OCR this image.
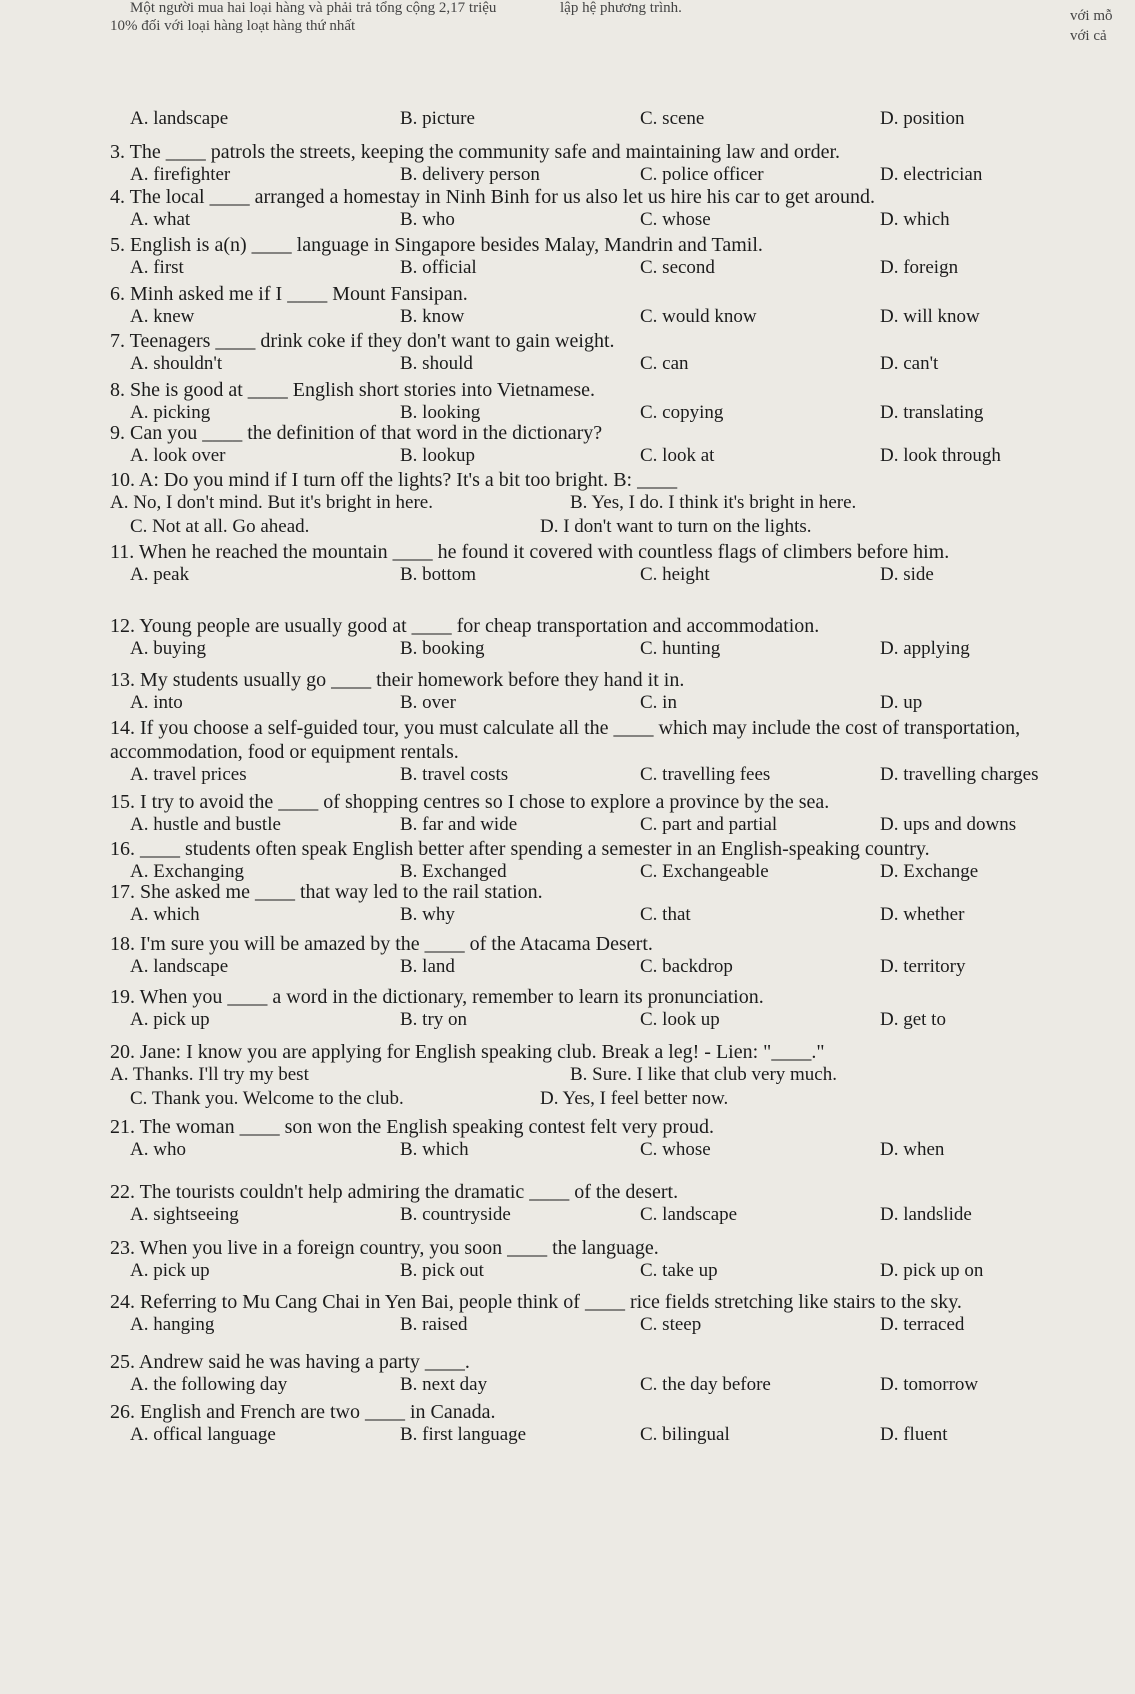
Một người mua hai loại hàng và phải trả tổng cộng 2,17 triệu
10% đối với loại hàng loạt hàng thứ nhất
lập hệ phương trình.	với mỗ
với cả
A. landscape	B. picture	C. scene	D. position
3. The ____ patrols the streets, keeping the community safe and maintaining law and order.
A. firefighter	B. delivery person	C. police officer	D. electrician
4. The local ____ arranged a homestay in Ninh Binh for us also let us hire his car to get around.
A. what	B. who	C. whose	D. which
5. English is a(n) ____ language in Singapore besides Malay, Mandrin and Tamil.
A. first	B. official	C. second	D. foreign
6. Minh asked me if I ____ Mount Fansipan.
A. knew	B. know	C. would know	D. will know
7. Teenagers ____ drink coke if they don't want to gain weight.
A. shouldn't	B. should	C. can	D. can't
8. She is good at ____ English short stories into Vietnamese.
A. picking	B. looking	C. copying	D. translating
9. Can you ____ the definition of that word in the dictionary?
A. look over	B. lookup	C. look at	D. look through
10. A: Do you mind if I turn off the lights? It's a bit too bright. B: ____
A. No, I don't mind. But it's bright in here.	B. Yes, I do. I think it's bright in here.
C. Not at all. Go ahead.	D. I don't want to turn on the lights.
11. When he reached the mountain ____ he found it covered with countless flags of climbers before him.
A. peak	B. bottom	C. height	D. side
12. Young people are usually good at ____ for cheap transportation and accommodation.
A. buying	B. booking	C. hunting	D. applying
13. My students usually go ____ their homework before they hand it in.
A. into	B. over	C. in	D. up
14. If you choose a self-guided tour, you must calculate all the ____ which may include the cost of transportation, accommodation, food or equipment rentals.
A. travel prices	B. travel costs	C. travelling fees	D. travelling charges
15. I try to avoid the ____ of shopping centres so I chose to explore a province by the sea.
A. hustle and bustle	B. far and wide	C. part and partial	D. ups and downs
16. ____ students often speak English better after spending a semester in an English-speaking country.
A. Exchanging	B. Exchanged	C. Exchangeable	D. Exchange
17. She asked me ____ that way led to the rail station.
A. which	B. why	C. that	D. whether
18. I'm sure you will be amazed by the ____ of the Atacama Desert.
A. landscape	B. land	C. backdrop	D. territory
19. When you ____ a word in the dictionary, remember to learn its pronunciation.
A. pick up	B. try on	C. look up	D. get to
20. Jane: I know you are applying for English speaking club. Break a leg! - Lien: "____."
A. Thanks. I'll try my best	B. Sure. I like that club very much.
C. Thank you. Welcome to the club.	D. Yes, I feel better now.
21. The woman ____ son won the English speaking contest felt very proud.
A. who	B. which	C. whose	D. when
22. The tourists couldn't help admiring the dramatic ____ of the desert.
A. sightseeing	B. countryside	C. landscape	D. landslide
23. When you live in a foreign country, you soon ____ the language.
A. pick up	B. pick out	C. take up	D. pick up on
24. Referring to Mu Cang Chai in Yen Bai, people think of ____ rice fields stretching like stairs to the sky.
A. hanging	B. raised	C. steep	D. terraced
25. Andrew said he was having a party ____.
A. the following day	B. next day	C. the day before	D. tomorrow
26. English and French are two ____ in Canada.
A. offical language	B. first language	C. bilingual	D. fluent
